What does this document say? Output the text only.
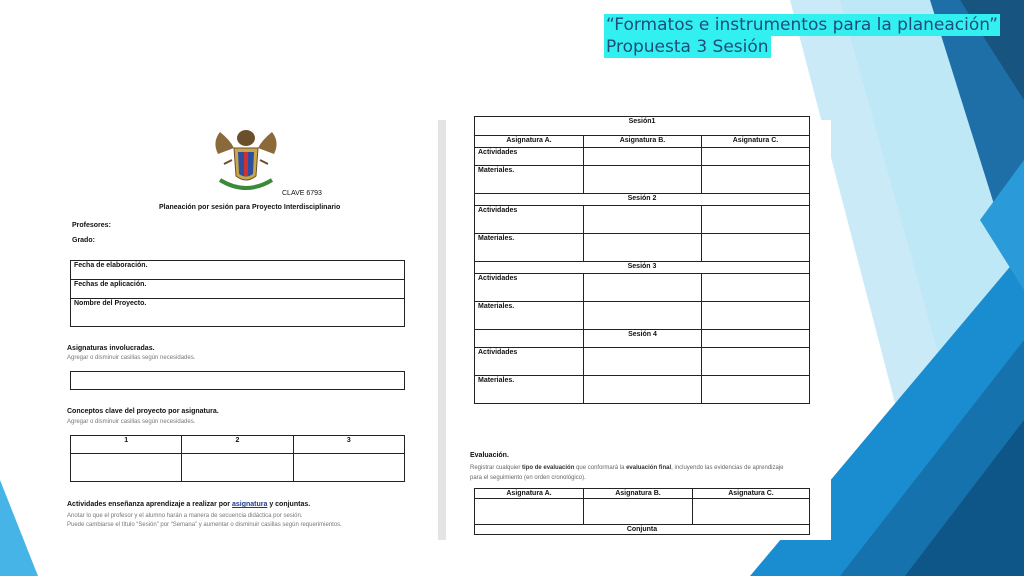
“Formatos e instrumentos para la planeación”
Propuesta 3 Sesión
CLAVE 6793
Planeación por sesión para Proyecto Interdisciplinario
Profesores:
Grado:
Fecha de elaboración.
Fechas de aplicación.
Nombre del Proyecto.
Asignaturas involucradas.
Agregar o disminuir casillas según necesidades.
Conceptos clave del proyecto por asignatura.
Agregar o disminuir casillas según necesidades.
1	2	3

Actividades enseñanza aprendizaje a realizar por asignatura y conjuntas.
Anotar lo que el profesor y el alumno harán a manera de secuencia didáctica por sesión.
Puede cambiarse el título “Sesión” por “Semana” y aumentar o disminuir casillas según requerimientos.
Sesión1		
Asignatura A.	Asignatura B.	Asignatura C.
Actividades		
Materiales.		
Sesión 2		
Actividades		
Materiales.		
Sesión 3		
Actividades		
Materiales.		
	Sesión 4	
Actividades		
Materiales.		
Evaluación.
Registrar cualquier tipo de evaluación que conformará la evaluación final, incluyendo las evidencias de aprendizaje
para el seguimiento (en orden cronológico).
Asignatura A.	Asignatura B.	Asignatura C.

Conjunta		
